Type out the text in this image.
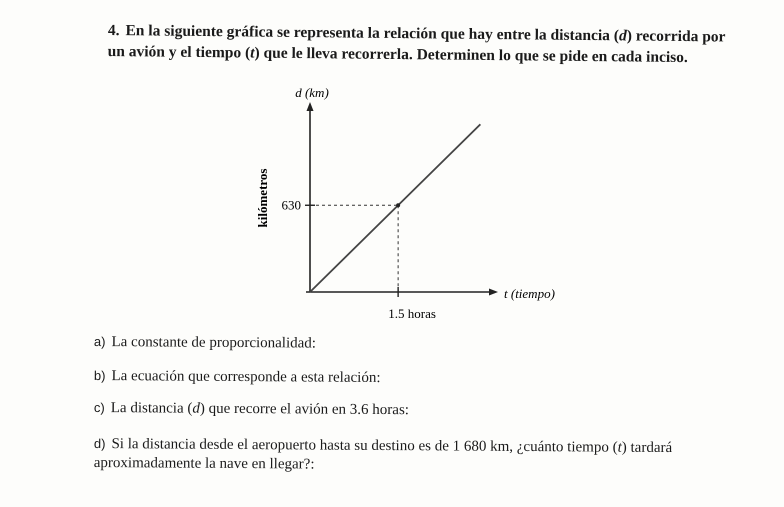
4. En la siguiente gráfica se representa la relación que hay entre la distancia (d) recorrida por un avión y el tiempo (t) que le lleva recorrerla. Determinen lo que se pide en cada inciso.
d (km)
kilómetros 630
1.5 horas
t (tiempo)
a) La constante de proporcionalidad:
b) La ecuación que corresponde a esta relación:
c) La distancia (d) que recorre el avión en 3.6 horas:
d) Si la distancia desde el aeropuerto hasta su destino es de 1 680 km, ¿cuánto tiempo (t) tardará aproximadamente la nave en llegar?:
